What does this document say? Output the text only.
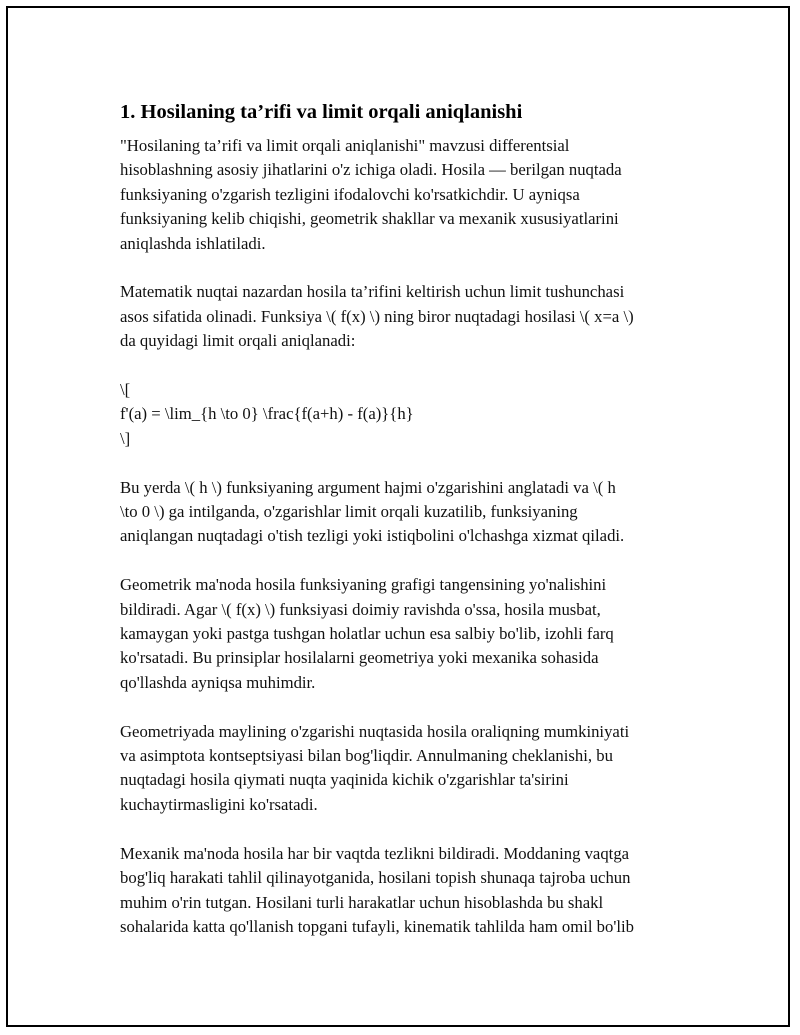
1. Hosilaning ta’rifi va limit orqali aniqlanishi
"Hosilaning ta’rifi va limit orqali aniqlanishi" mavzusi differentsial
hisoblashning asosiy jihatlarini o'z ichiga oladi. Hosila — berilgan nuqtada
funksiyaning o'zgarish tezligini ifodalovchi ko'rsatkichdir. U ayniqsa
funksiyaning kelib chiqishi, geometrik shakllar va mexanik xususiyatlarini
aniqlashda ishlatiladi.
Matematik nuqtai nazardan hosila ta’rifini keltirish uchun limit tushunchasi
asos sifatida olinadi. Funksiya \( f(x) \) ning biror nuqtadagi hosilasi \( x=a \)
da quyidagi limit orqali aniqlanadi:
\[
f'(a) = \lim_{h \to 0} \frac{f(a+h) - f(a)}{h}
\]
Bu yerda \( h \) funksiyaning argument hajmi o'zgarishini anglatadi va \( h
\to 0 \) ga intilganda, o'zgarishlar limit orqali kuzatilib, funksiyaning
aniqlangan nuqtadagi o'tish tezligi yoki istiqbolini o'lchashga xizmat qiladi.
Geometrik ma'noda hosila funksiyaning grafigi tangensining yo'nalishini
bildiradi. Agar \( f(x) \) funksiyasi doimiy ravishda o'ssa, hosila musbat,
kamaygan yoki pastga tushgan holatlar uchun esa salbiy bo'lib, izohli farq
ko'rsatadi. Bu prinsiplar hosilalarni geometriya yoki mexanika sohasida
qo'llashda ayniqsa muhimdir.
Geometriyada maylining o'zgarishi nuqtasida hosila oraliqning mumkiniyati
va asimptota kontseptsiyasi bilan bog'liqdir. Annulmaning cheklanishi, bu
nuqtadagi hosila qiymati nuqta yaqinida kichik o'zgarishlar ta'sirini
kuchaytirmasligini ko'rsatadi.
Mexanik ma'noda hosila har bir vaqtda tezlikni bildiradi. Moddaning vaqtga
bog'liq harakati tahlil qilinayotganida, hosilani topish shunaqa tajroba uchun
muhim o'rin tutgan. Hosilani turli harakatlar uchun hisoblashda bu shakl
sohalarida katta qo'llanish topgani tufayli, kinematik tahlilda ham omil bo'lib
